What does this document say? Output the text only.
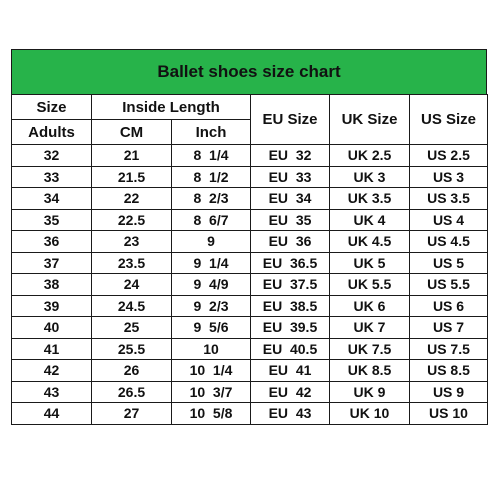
Ballet shoes size chart
Size	Inside Length		EU Size	UK Size	US Size
Adults	CM	Inch			
32	21	8  1/4	EU  32	UK 2.5	US 2.5
33	21.5	8  1/2	EU  33	UK 3	US 3
34	22	8  2/3	EU  34	UK 3.5	US 3.5
35	22.5	8  6/7	EU  35	UK 4	US 4
36	23	9	EU  36	UK 4.5	US 4.5
37	23.5	9  1/4	EU  36.5	UK 5	US 5
38	24	9  4/9	EU  37.5	UK 5.5	US 5.5
39	24.5	9  2/3	EU  38.5	UK 6	US 6
40	25	9  5/6	EU  39.5	UK 7	US 7
41	25.5	10	EU  40.5	UK 7.5	US 7.5
42	26	10  1/4	EU  41	UK 8.5	US 8.5
43	26.5	10  3/7	EU  42	UK 9	US 9
44	27	10  5/8	EU  43	UK 10	US 10
